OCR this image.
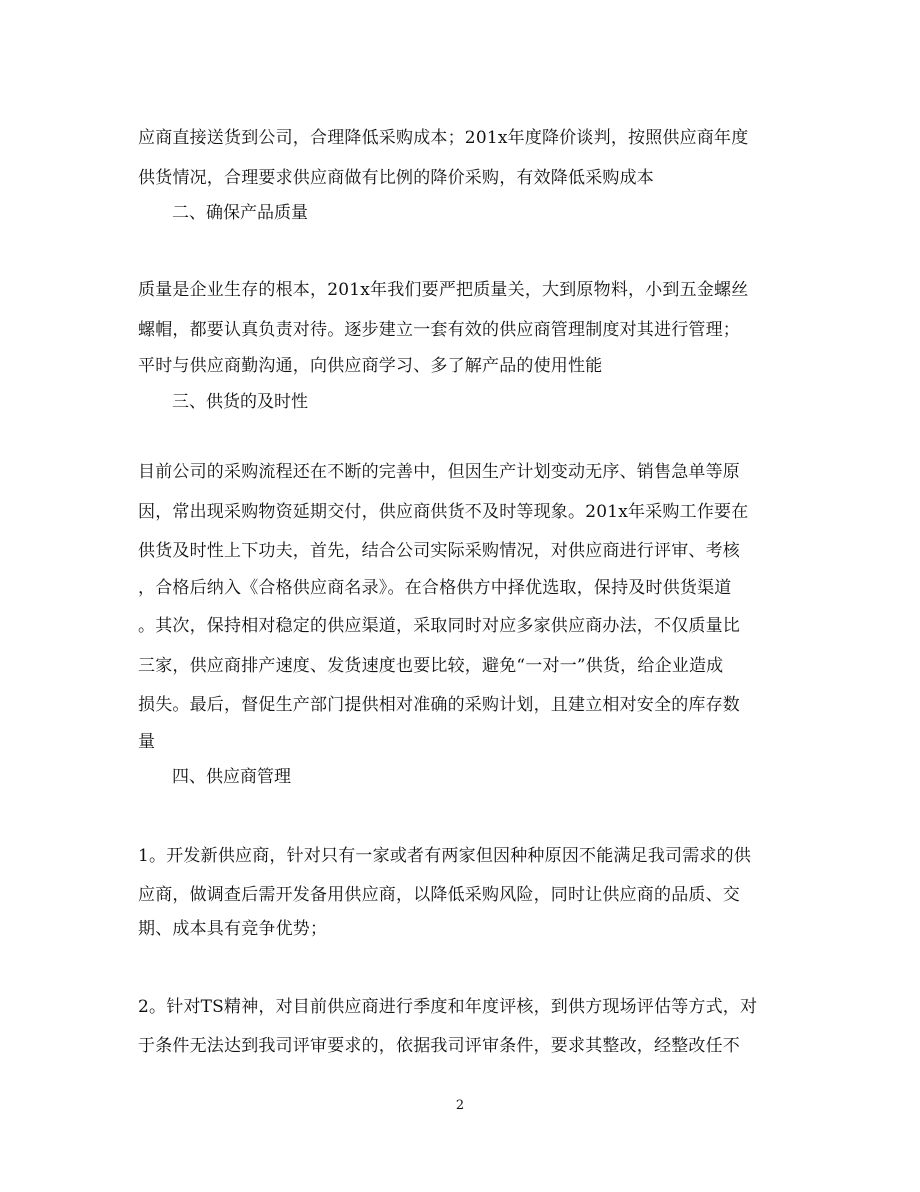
应商直接送货到公司，合理降低采购成本；201x年度降价谈判，按照供应商年度
供货情况，合理要求供应商做有比例的降价采购，有效降低采购成本
二、确保产品质量
质量是企业生存的根本，201x年我们要严把质量关，大到原物料，小到五金螺丝
螺帽，都要认真负责对待。逐步建立一套有效的供应商管理制度对其进行管理；
平时与供应商勤沟通，向供应商学习、多了解产品的使用性能
三、供货的及时性
目前公司的采购流程还在不断的完善中，但因生产计划变动无序、销售急单等原
因，常出现采购物资延期交付，供应商供货不及时等现象。201x年采购工作要在
供货及时性上下功夫，首先，结合公司实际采购情况，对供应商进行评审、考核
，合格后纳入《合格供应商名录》。在合格供方中择优选取，保持及时供货渠道
。其次，保持相对稳定的供应渠道，采取同时对应多家供应商办法，不仅质量比
三家，供应商排产速度、发货速度也要比较，避免“一对一”供货，给企业造成
损失。最后，督促生产部门提供相对准确的采购计划，且建立相对安全的库存数
量
四、供应商管理
1。开发新供应商，针对只有一家或者有两家但因种种原因不能满足我司需求的供
应商，做调查后需开发备用供应商，以降低采购风险，同时让供应商的品质、交
期、成本具有竞争优势；
2。针对TS精神，对目前供应商进行季度和年度评核，到供方现场评估等方式，对
于条件无法达到我司评审要求的，依据我司评审条件，要求其整改，经整改任不
2
